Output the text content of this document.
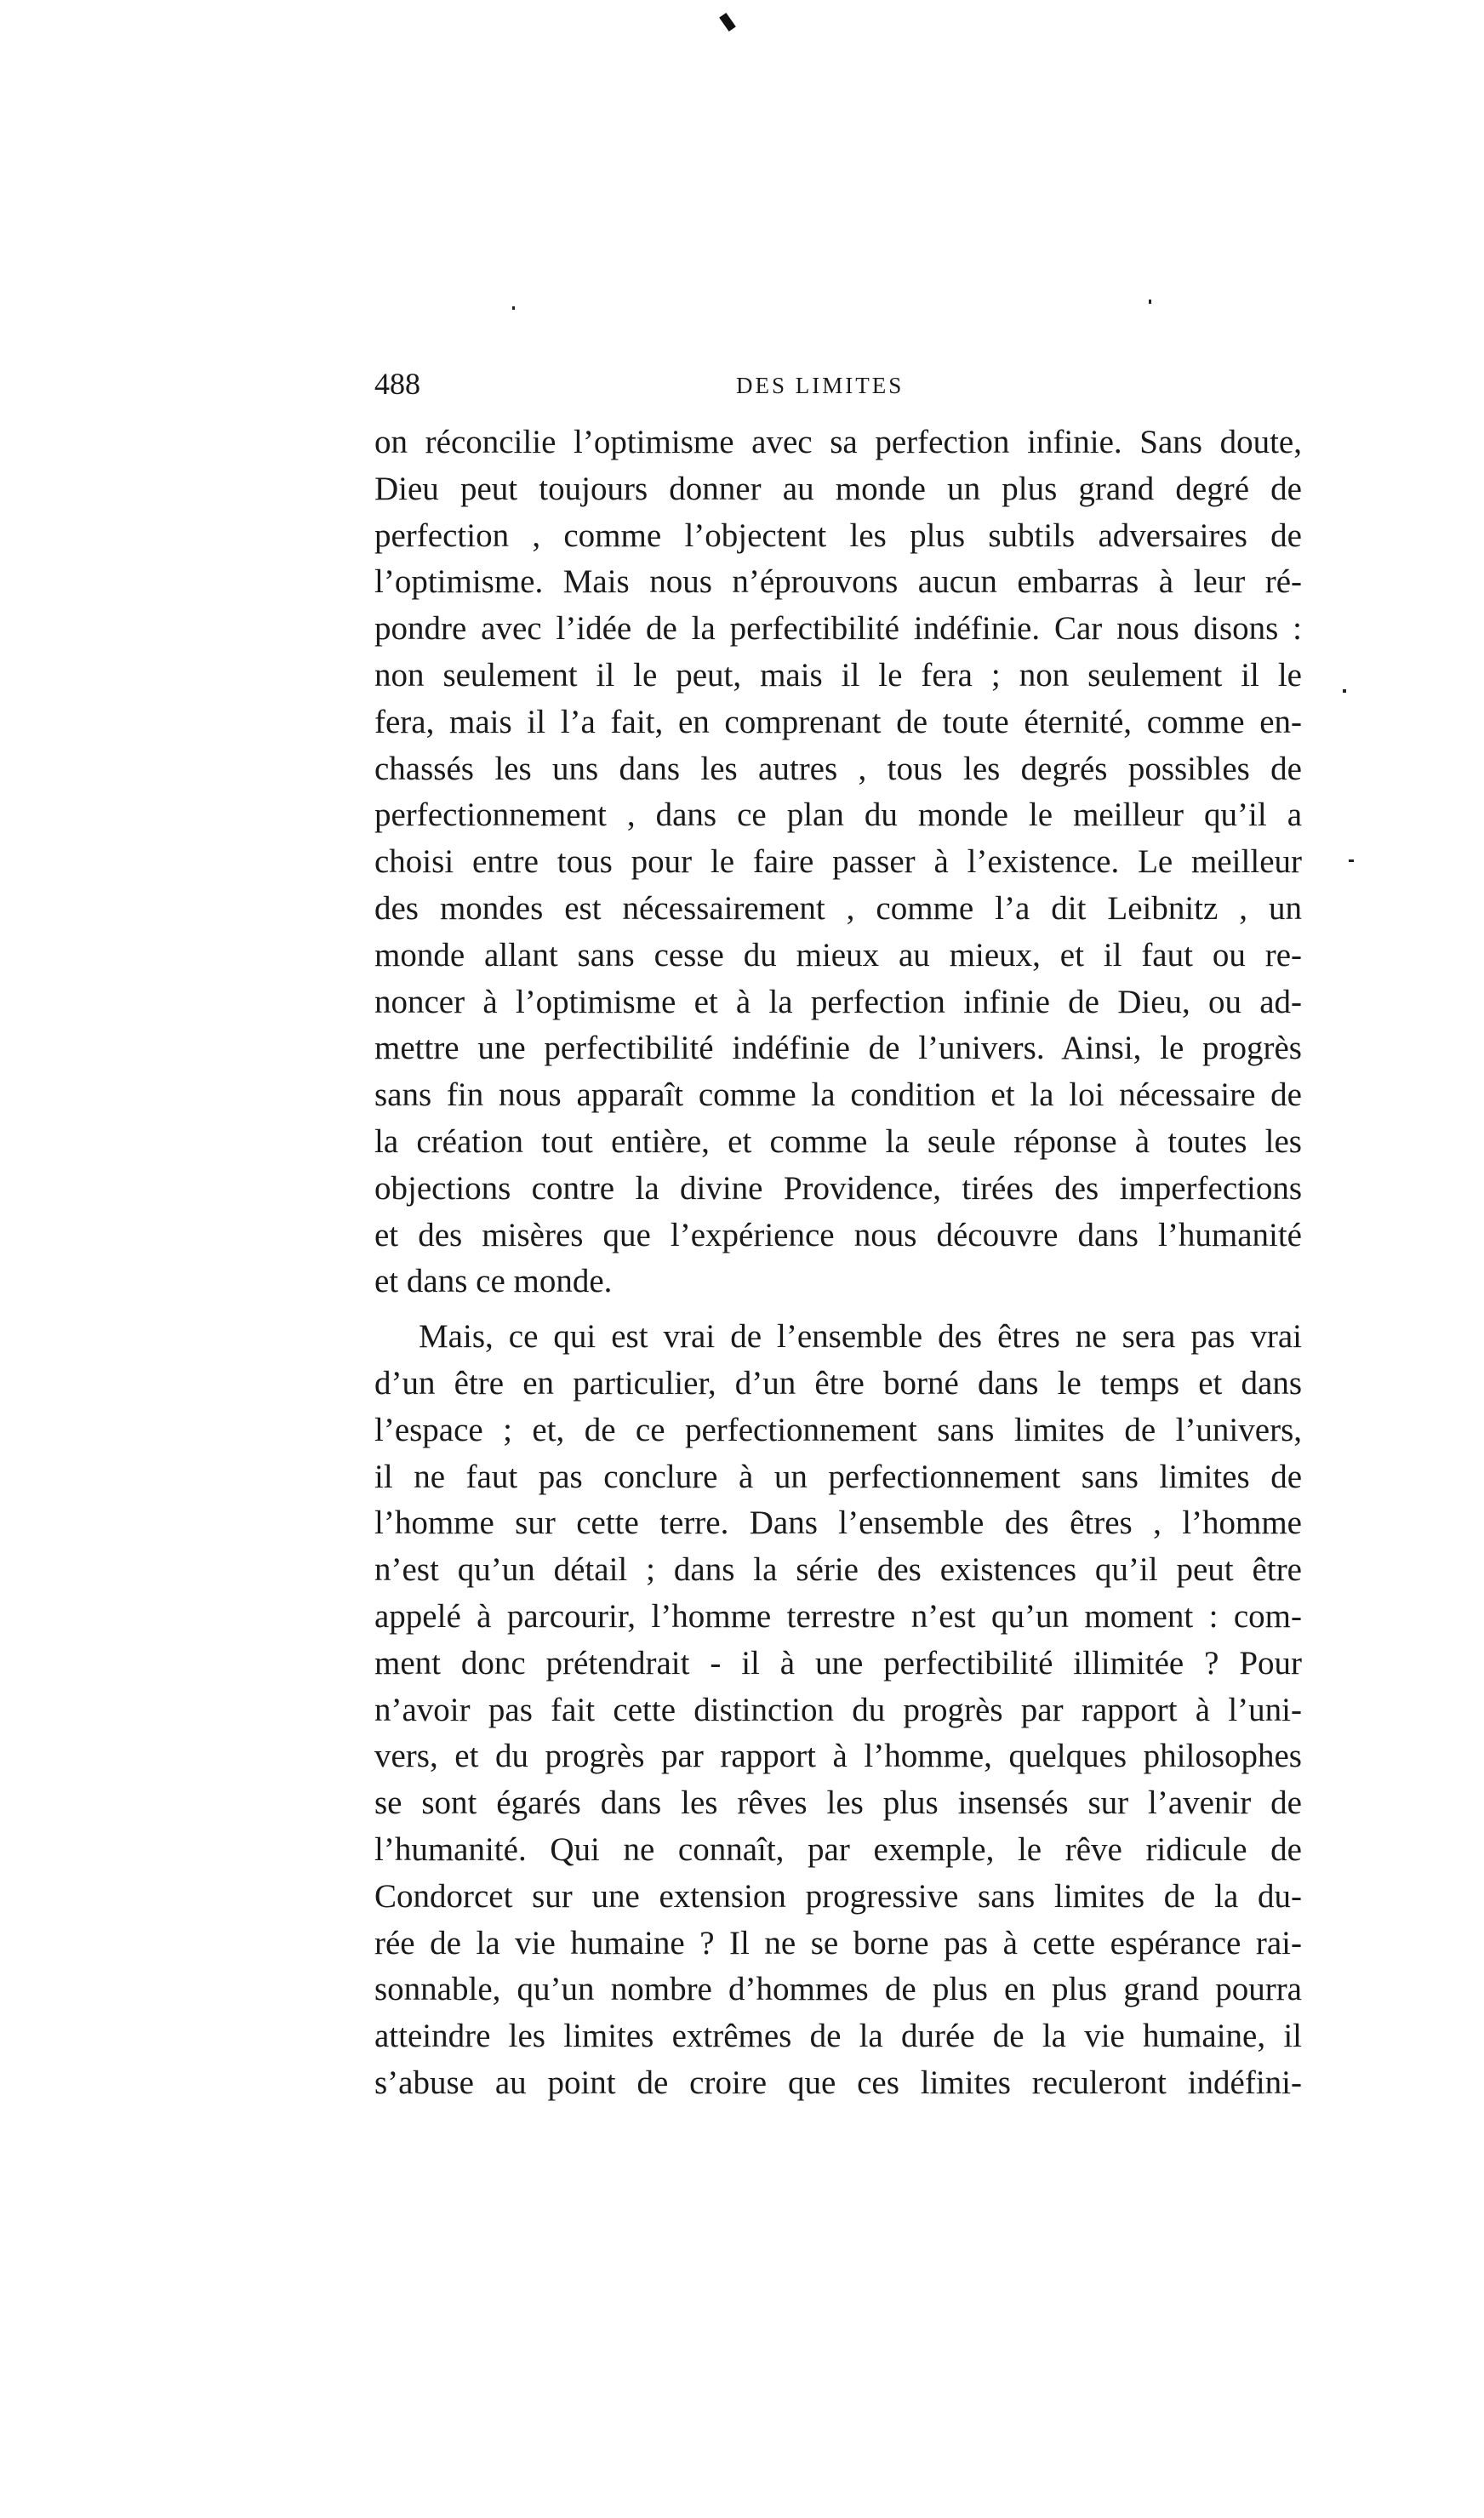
488	DES LIMITES
on réconcilie l’optimisme avec sa perfection infinie. Sans doute,
Dieu peut toujours donner au monde un plus grand degré de
perfection , comme l’objectent les plus subtils adversaires de
l’optimisme. Mais nous n’éprouvons aucun embarras à leur ré-
pondre avec l’idée de la perfectibilité indéfinie. Car nous disons :
non seulement il le peut, mais il le fera ; non seulement il le
fera, mais il l’a fait, en comprenant de toute éternité, comme en-
chassés les uns dans les autres , tous les degrés possibles de
perfectionnement , dans ce plan du monde le meilleur qu’il a
choisi entre tous pour le faire passer à l’existence. Le meilleur
des mondes est nécessairement , comme l’a dit Leibnitz , un
monde allant sans cesse du mieux au mieux, et il faut ou re-
noncer à l’optimisme et à la perfection infinie de Dieu, ou ad-
mettre une perfectibilité indéfinie de l’univers. Ainsi, le progrès
sans fin nous apparaît comme la condition et la loi nécessaire de
la création tout entière, et comme la seule réponse à toutes les
objections contre la divine Providence, tirées des imperfections
et des misères que l’expérience nous découvre dans l’humanité
et dans ce monde.
Mais, ce qui est vrai de l’ensemble des êtres ne sera pas vrai
d’un être en particulier, d’un être borné dans le temps et dans
l’espace ; et, de ce perfectionnement sans limites de l’univers,
il ne faut pas conclure à un perfectionnement sans limites de
l’homme sur cette terre. Dans l’ensemble des êtres , l’homme
n’est qu’un détail ; dans la série des existences qu’il peut être
appelé à parcourir, l’homme terrestre n’est qu’un moment : com-
ment donc prétendrait - il à une perfectibilité illimitée ? Pour
n’avoir pas fait cette distinction du progrès par rapport à l’uni-
vers, et du progrès par rapport à l’homme, quelques philosophes
se sont égarés dans les rêves les plus insensés sur l’avenir de
l’humanité. Qui ne connaît, par exemple, le rêve ridicule de
Condorcet sur une extension progressive sans limites de la du-
rée de la vie humaine ? Il ne se borne pas à cette espérance rai-
sonnable, qu’un nombre d’hommes de plus en plus grand pourra
atteindre les limites extrêmes de la durée de la vie humaine, il
s’abuse au point de croire que ces limites reculeront indéfini-
